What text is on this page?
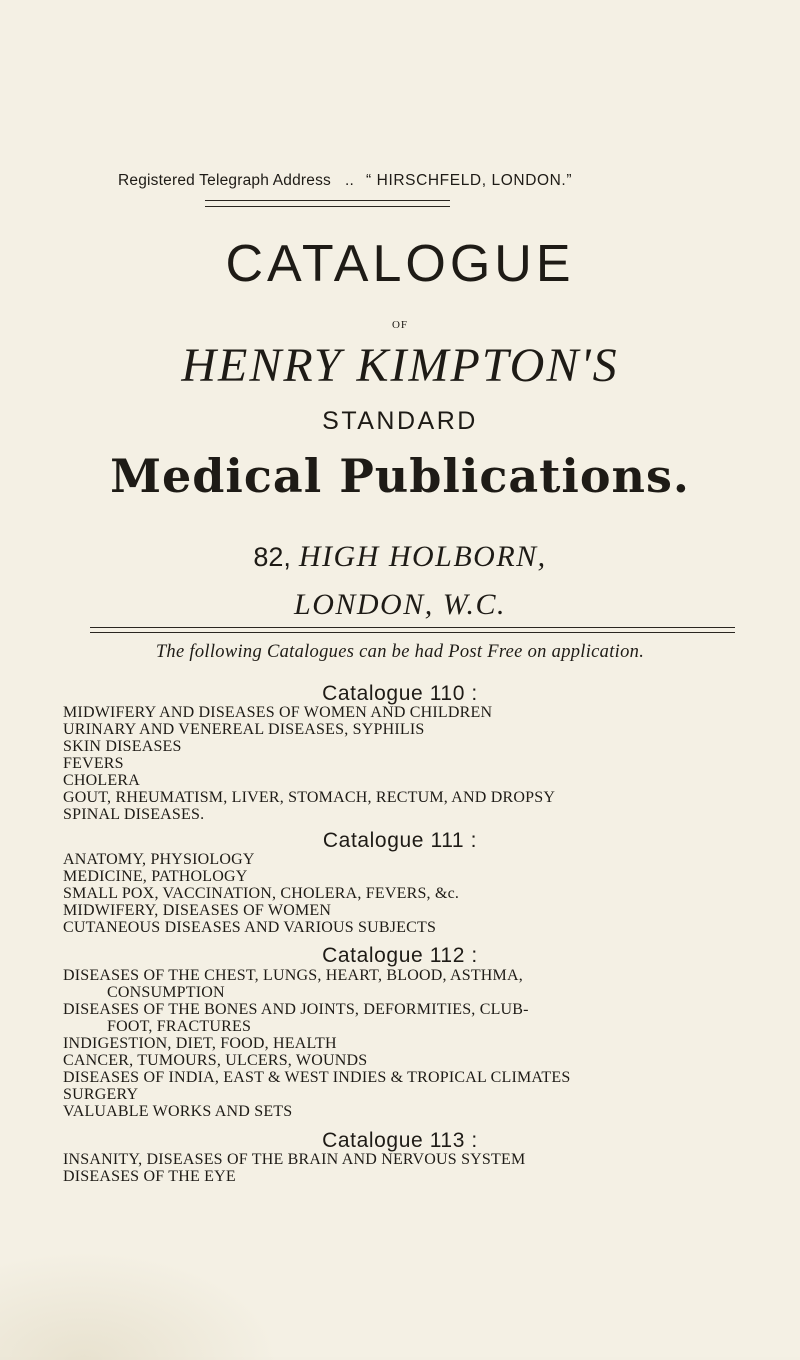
Registered Telegraph Address .. “ HIRSCHFELD, LONDON.”
CATALOGUE
OF
HENRY KIMPTON'S
STANDARD
Medical Publications.
82, HIGH HOLBORN,
LONDON, W.C.
The following Catalogues can be had Post Free on application.
Catalogue 110 :
MIDWIFERY AND DISEASES OF WOMEN AND CHILDREN
URINARY AND VENEREAL DISEASES, SYPHILIS
SKIN DISEASES
FEVERS
CHOLERA
GOUT, RHEUMATISM, LIVER, STOMACH, RECTUM, AND DROPSY
SPINAL DISEASES.
Catalogue 111 :
ANATOMY, PHYSIOLOGY
MEDICINE, PATHOLOGY
SMALL POX, VACCINATION, CHOLERA, FEVERS, &c.
MIDWIFERY, DISEASES OF WOMEN
CUTANEOUS DISEASES AND VARIOUS SUBJECTS
Catalogue 112 :
DISEASES OF THE CHEST, LUNGS, HEART, BLOOD, ASTHMA,
CONSUMPTION
DISEASES OF THE BONES AND JOINTS, DEFORMITIES, CLUB-
FOOT, FRACTURES
INDIGESTION, DIET, FOOD, HEALTH
CANCER, TUMOURS, ULCERS, WOUNDS
DISEASES OF INDIA, EAST & WEST INDIES & TROPICAL CLIMATES
SURGERY
VALUABLE WORKS AND SETS
Catalogue 113 :
INSANITY, DISEASES OF THE BRAIN AND NERVOUS SYSTEM
DISEASES OF THE EYE
